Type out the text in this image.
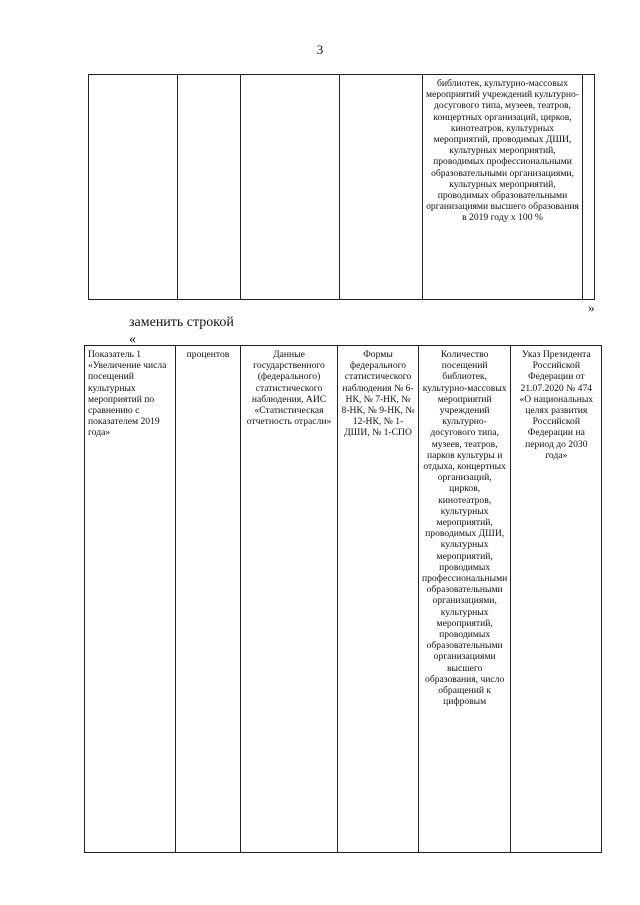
3
				библиотек, культурно-массовых мероприятий учреждений культурно-досугового типа, музеев, театров, концертных организаций, цирков, кинотеатров, культурных мероприятий, проводимых ДШИ, культурных мероприятий, проводимых профессиональными образовательными организациями, культурных мероприятий, проводимых образовательными организациями высшего образования в 2019 году х 100 %	
»
заменить строкой
«
Показатель 1 «Увеличение числа посещений культурных мероприятий по сравнению с показателем 2019 года»	процентов	Данные государственного (федерального) статистического наблюдения, АИС «Статистическая отчетность отрасли»	Формы федерального статистического наблюдения № 6-НК, № 7-НК, № 8-НК, № 9-НК, № 12-НК, № 1-ДШИ, № 1-СПО	Количество посещений библиотек, культурно-массовых мероприятий учреждений культурно-досугового типа, музеев, театров, парков культуры и отдыха, концертных организаций, цирков, кинотеатров, культурных мероприятий, проводимых ДШИ, культурных мероприятий, проводимых профессиональными образовательными организациями, культурных мероприятий, проводимых образовательными организациями высшего образования, число обращений к цифровым	Указ Президента Российской Федерации от 21.07.2020 № 474 «О национальных целях развития Российской Федерации на период до 2030 года»
